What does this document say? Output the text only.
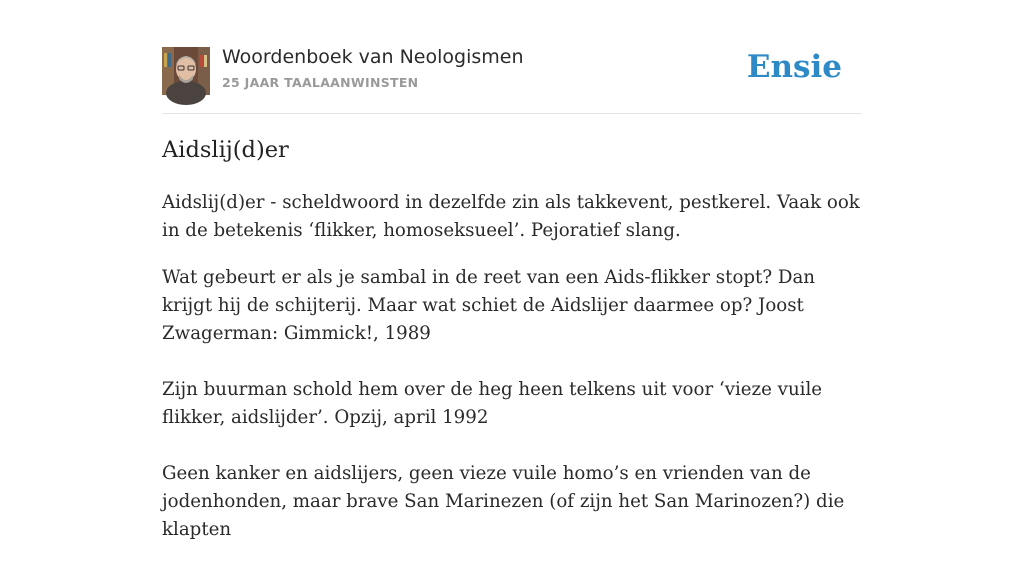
Woordenboek van Neologismen
25 JAAR TAALAANWINSTEN	Ensie
Aidslij(d)er

Aidslij(d)er - scheldwoord in dezelfde zin als takkevent, pestkerel. Vaak ook in de betekenis ‘flikker, homoseksueel’. Pejoratief slang.

Wat gebeurt er als je sambal in de reet van een Aids-flikker stopt? Dan krijgt hij de schijterij. Maar wat schiet de Aidslijer daarmee op? Joost Zwagerman: Gimmick!, 1989

Zijn buurman schold hem over de heg heen telkens uit voor ‘vieze vuile flikker, aidslijder’. Opzij, april 1992

Geen kanker en aidslijers, geen vieze vuile homo’s en vrienden van de jodenhonden, maar brave San Marinezen (of zijn het San Marinozen?) die klapten
